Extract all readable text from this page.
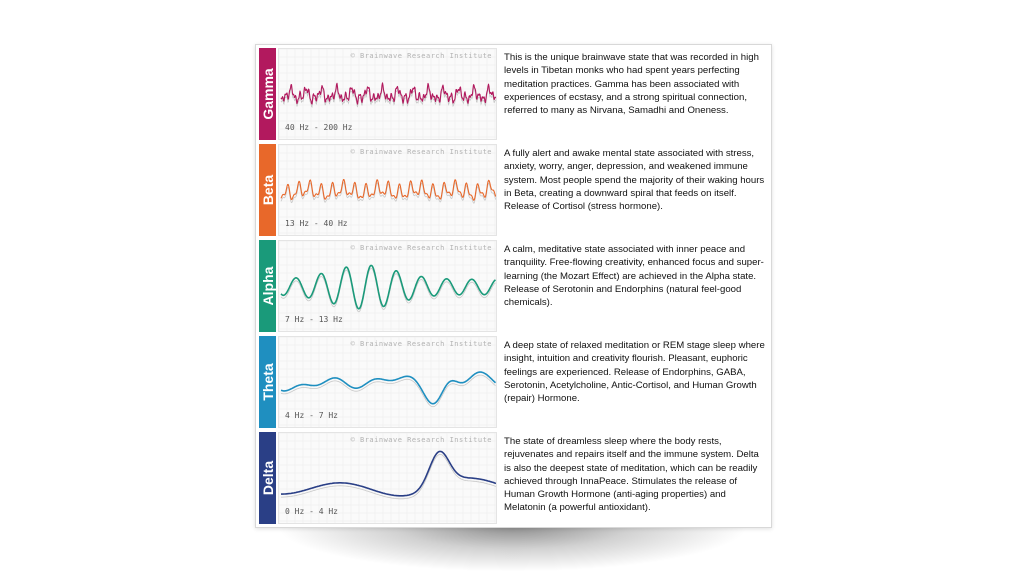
Gamma
© Brainwave Research Institute
40 Hz - 200 Hz

This is the unique brainwave state that was recorded in high levels in Tibetan monks who had spent years perfecting meditation practices. Gamma has been associated with experiences of ecstasy, and a strong spiritual connection, referred to many as Nirvana, Samadhi and Oneness.

Beta
© Brainwave Research Institute
13 Hz - 40 Hz

A fully alert and awake mental state associated with stress, anxiety, worry, anger, depression, and weakened immune system. Most people spend the majority of their waking hours in Beta, creating a downward spiral that feeds on itself. Release of Cortisol (stress hormone).

Alpha
© Brainwave Research Institute
7 Hz - 13 Hz

A calm, meditative state associated with inner peace and tranquility. Free-flowing creativity, enhanced focus and super-learning (the Mozart Effect) are achieved in the Alpha state. Release of Serotonin and Endorphins (natural feel-good chemicals).

Theta
© Brainwave Research Institute
4 Hz - 7 Hz

A deep state of relaxed meditation or REM stage sleep where insight, intuition and creativity flourish. Pleasant, euphoric feelings are experienced. Release of Endorphins, GABA, Serotonin, Acetylcholine, Antic-Cortisol, and Human Growth (repair) Hormone.

Delta
© Brainwave Research Institute
0 Hz - 4 Hz

The state of dreamless sleep where the body rests, rejuvenates and repairs itself and the immune system. Delta is also the deepest state of meditation, which can be readily achieved through InnaPeace. Stimulates the release of Human Growth Hormone (anti-aging properties) and Melatonin (a powerful antioxidant).
